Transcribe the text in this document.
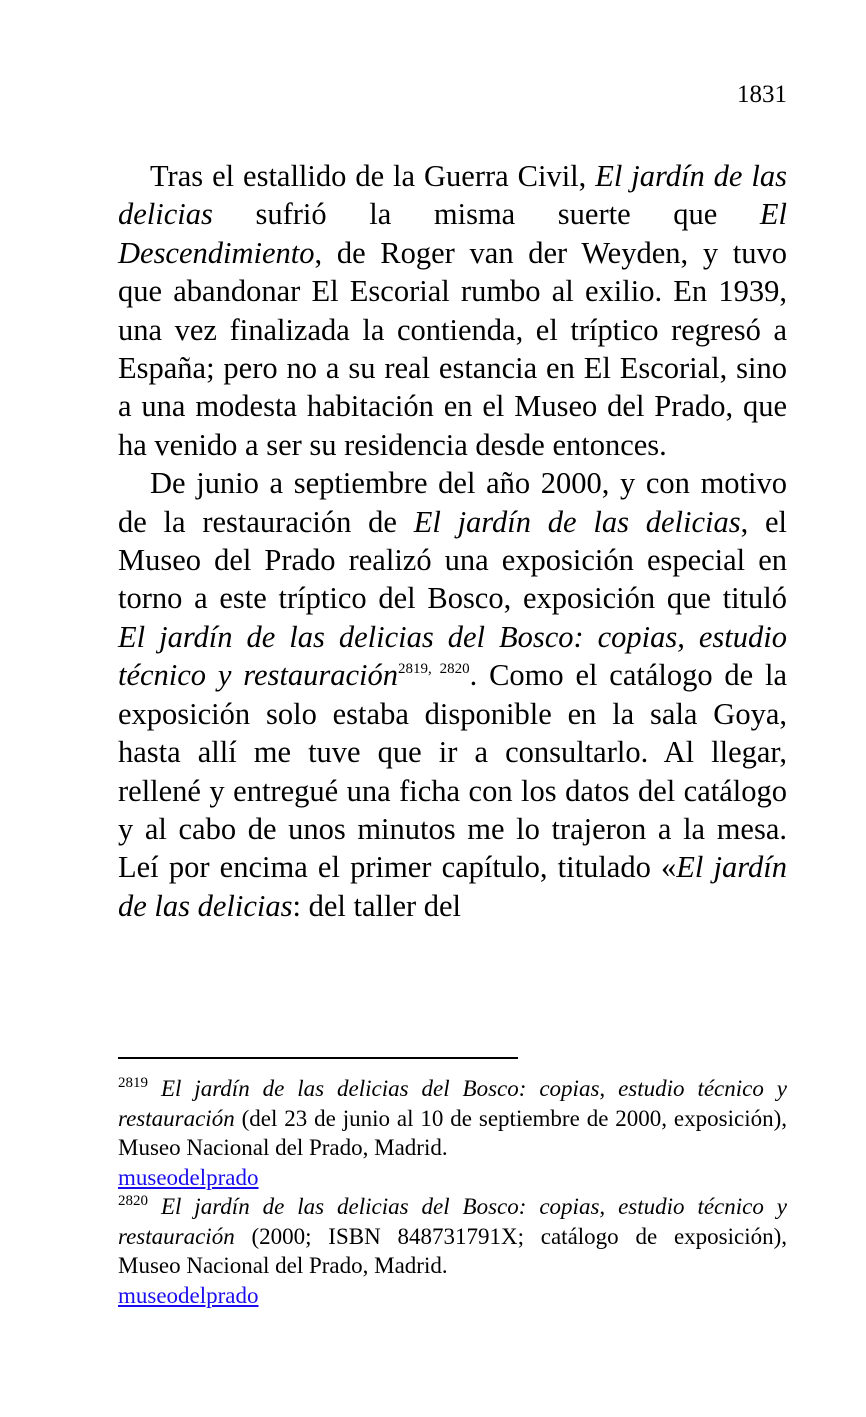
1831

Tras el estallido de la Guerra Civil, El jardín de las delicias sufrió la misma suerte que El Descendimiento, de Roger van der Weyden, y tuvo que abandonar El Escorial rumbo al exilio. En 1939, una vez finalizada la contienda, el tríptico regresó a España; pero no a su real estancia en El Escorial, sino a una modesta habitación en el Museo del Prado, que ha venido a ser su residencia desde entonces.

De junio a septiembre del año 2000, y con motivo de la restauración de El jardín de las delicias, el Museo del Prado realizó una exposición especial en torno a este tríptico del Bosco, exposición que tituló El jardín de las delicias del Bosco: copias, estudio técnico y restauración$^{2819, 2820}$. Como el catálogo de la exposición solo estaba disponible en la sala Goya, hasta allí me tuve que ir a consultarlo. Al llegar, rellené y entregué una ficha con los datos del catálogo y al cabo de unos minutos me lo trajeron a la mesa. Leí por encima el primer capítulo, titulado «El jardín de las delicias: del taller del

$^{2819}$ El jardín de las delicias del Bosco: copias, estudio técnico y restauración (del 23 de junio al 10 de septiembre de 2000, exposición), Museo Nacional del Prado, Madrid.
museodelprado
$^{2820}$ El jardín de las delicias del Bosco: copias, estudio técnico y restauración (2000; ISBN 848731791X; catálogo de exposición), Museo Nacional del Prado, Madrid.
museodelprado
